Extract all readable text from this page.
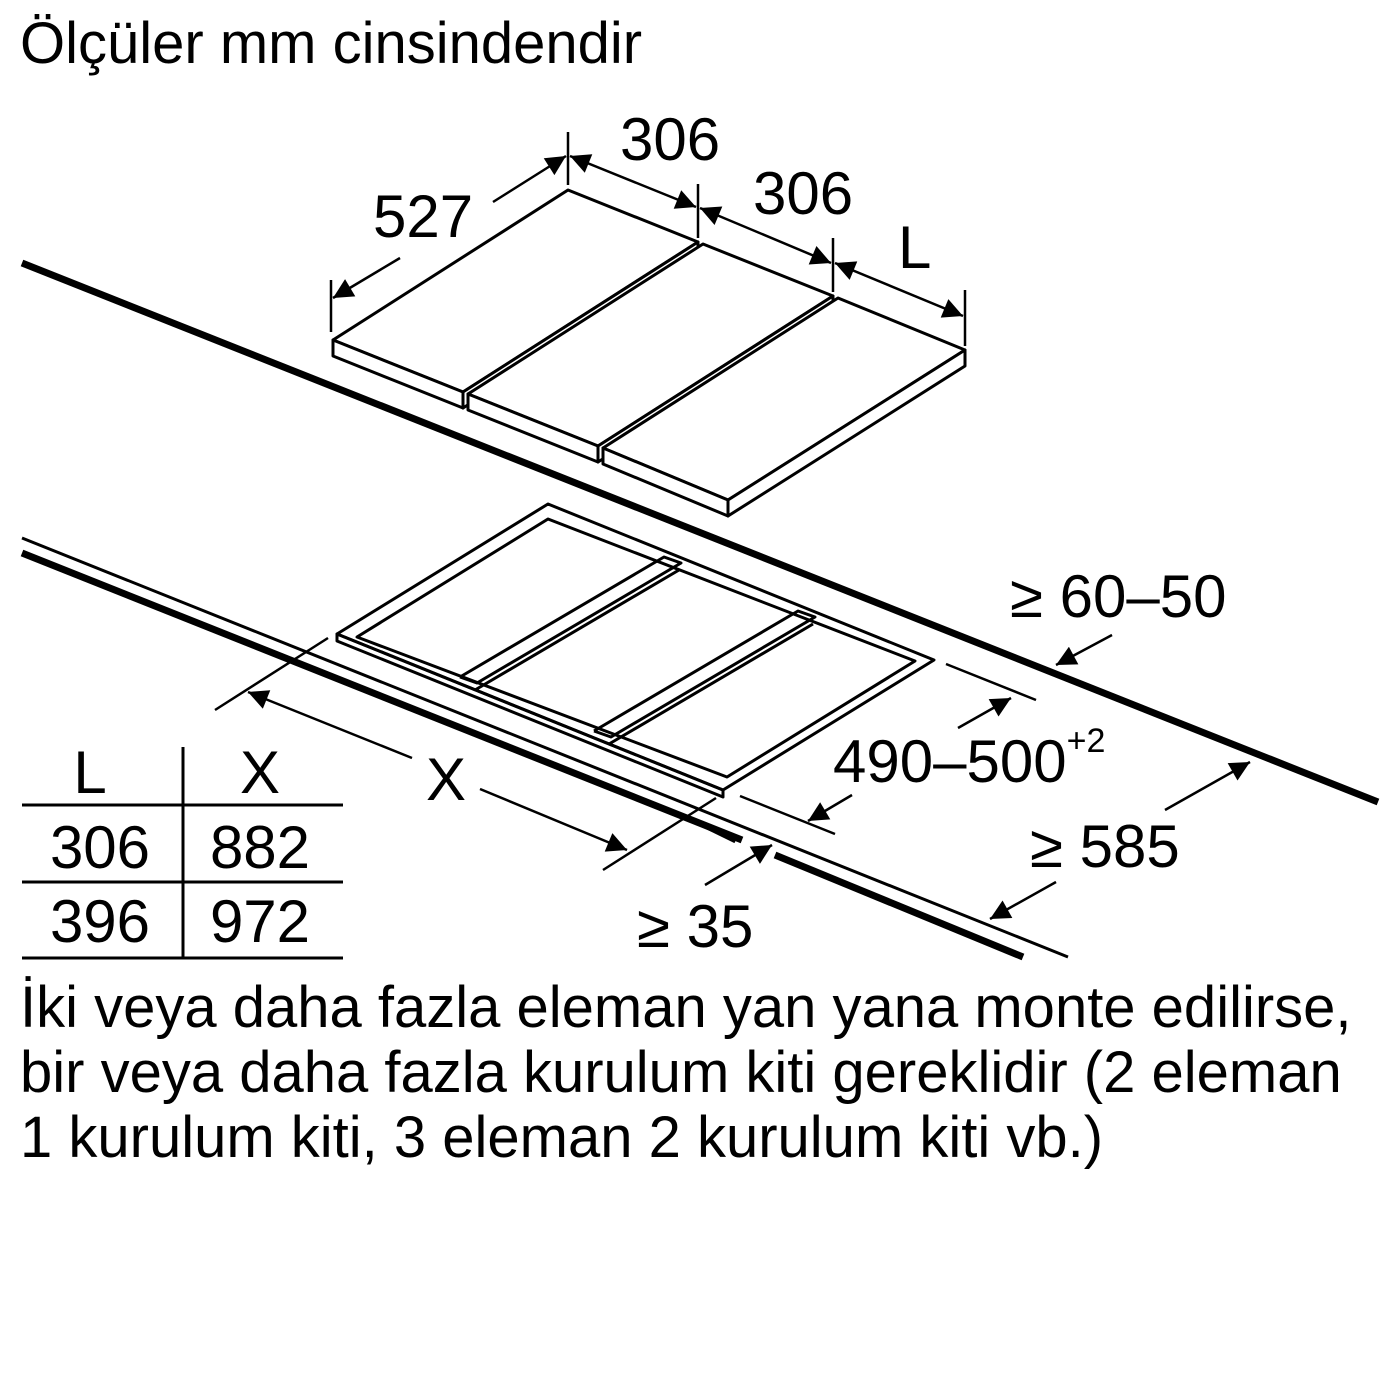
Ölçüler mm cinsindendir
527
306
306
L
≥ 60–50
$490-500^{+2}$
≥ 585
≥ 35
X
L X
306 882
396 972

İki veya daha fazla eleman yan yana monte edilirse, bir veya daha fazla kurulum kiti gereklidir (2 eleman 1 kurulum kiti, 3 eleman 2 kurulum kiti vb.)
